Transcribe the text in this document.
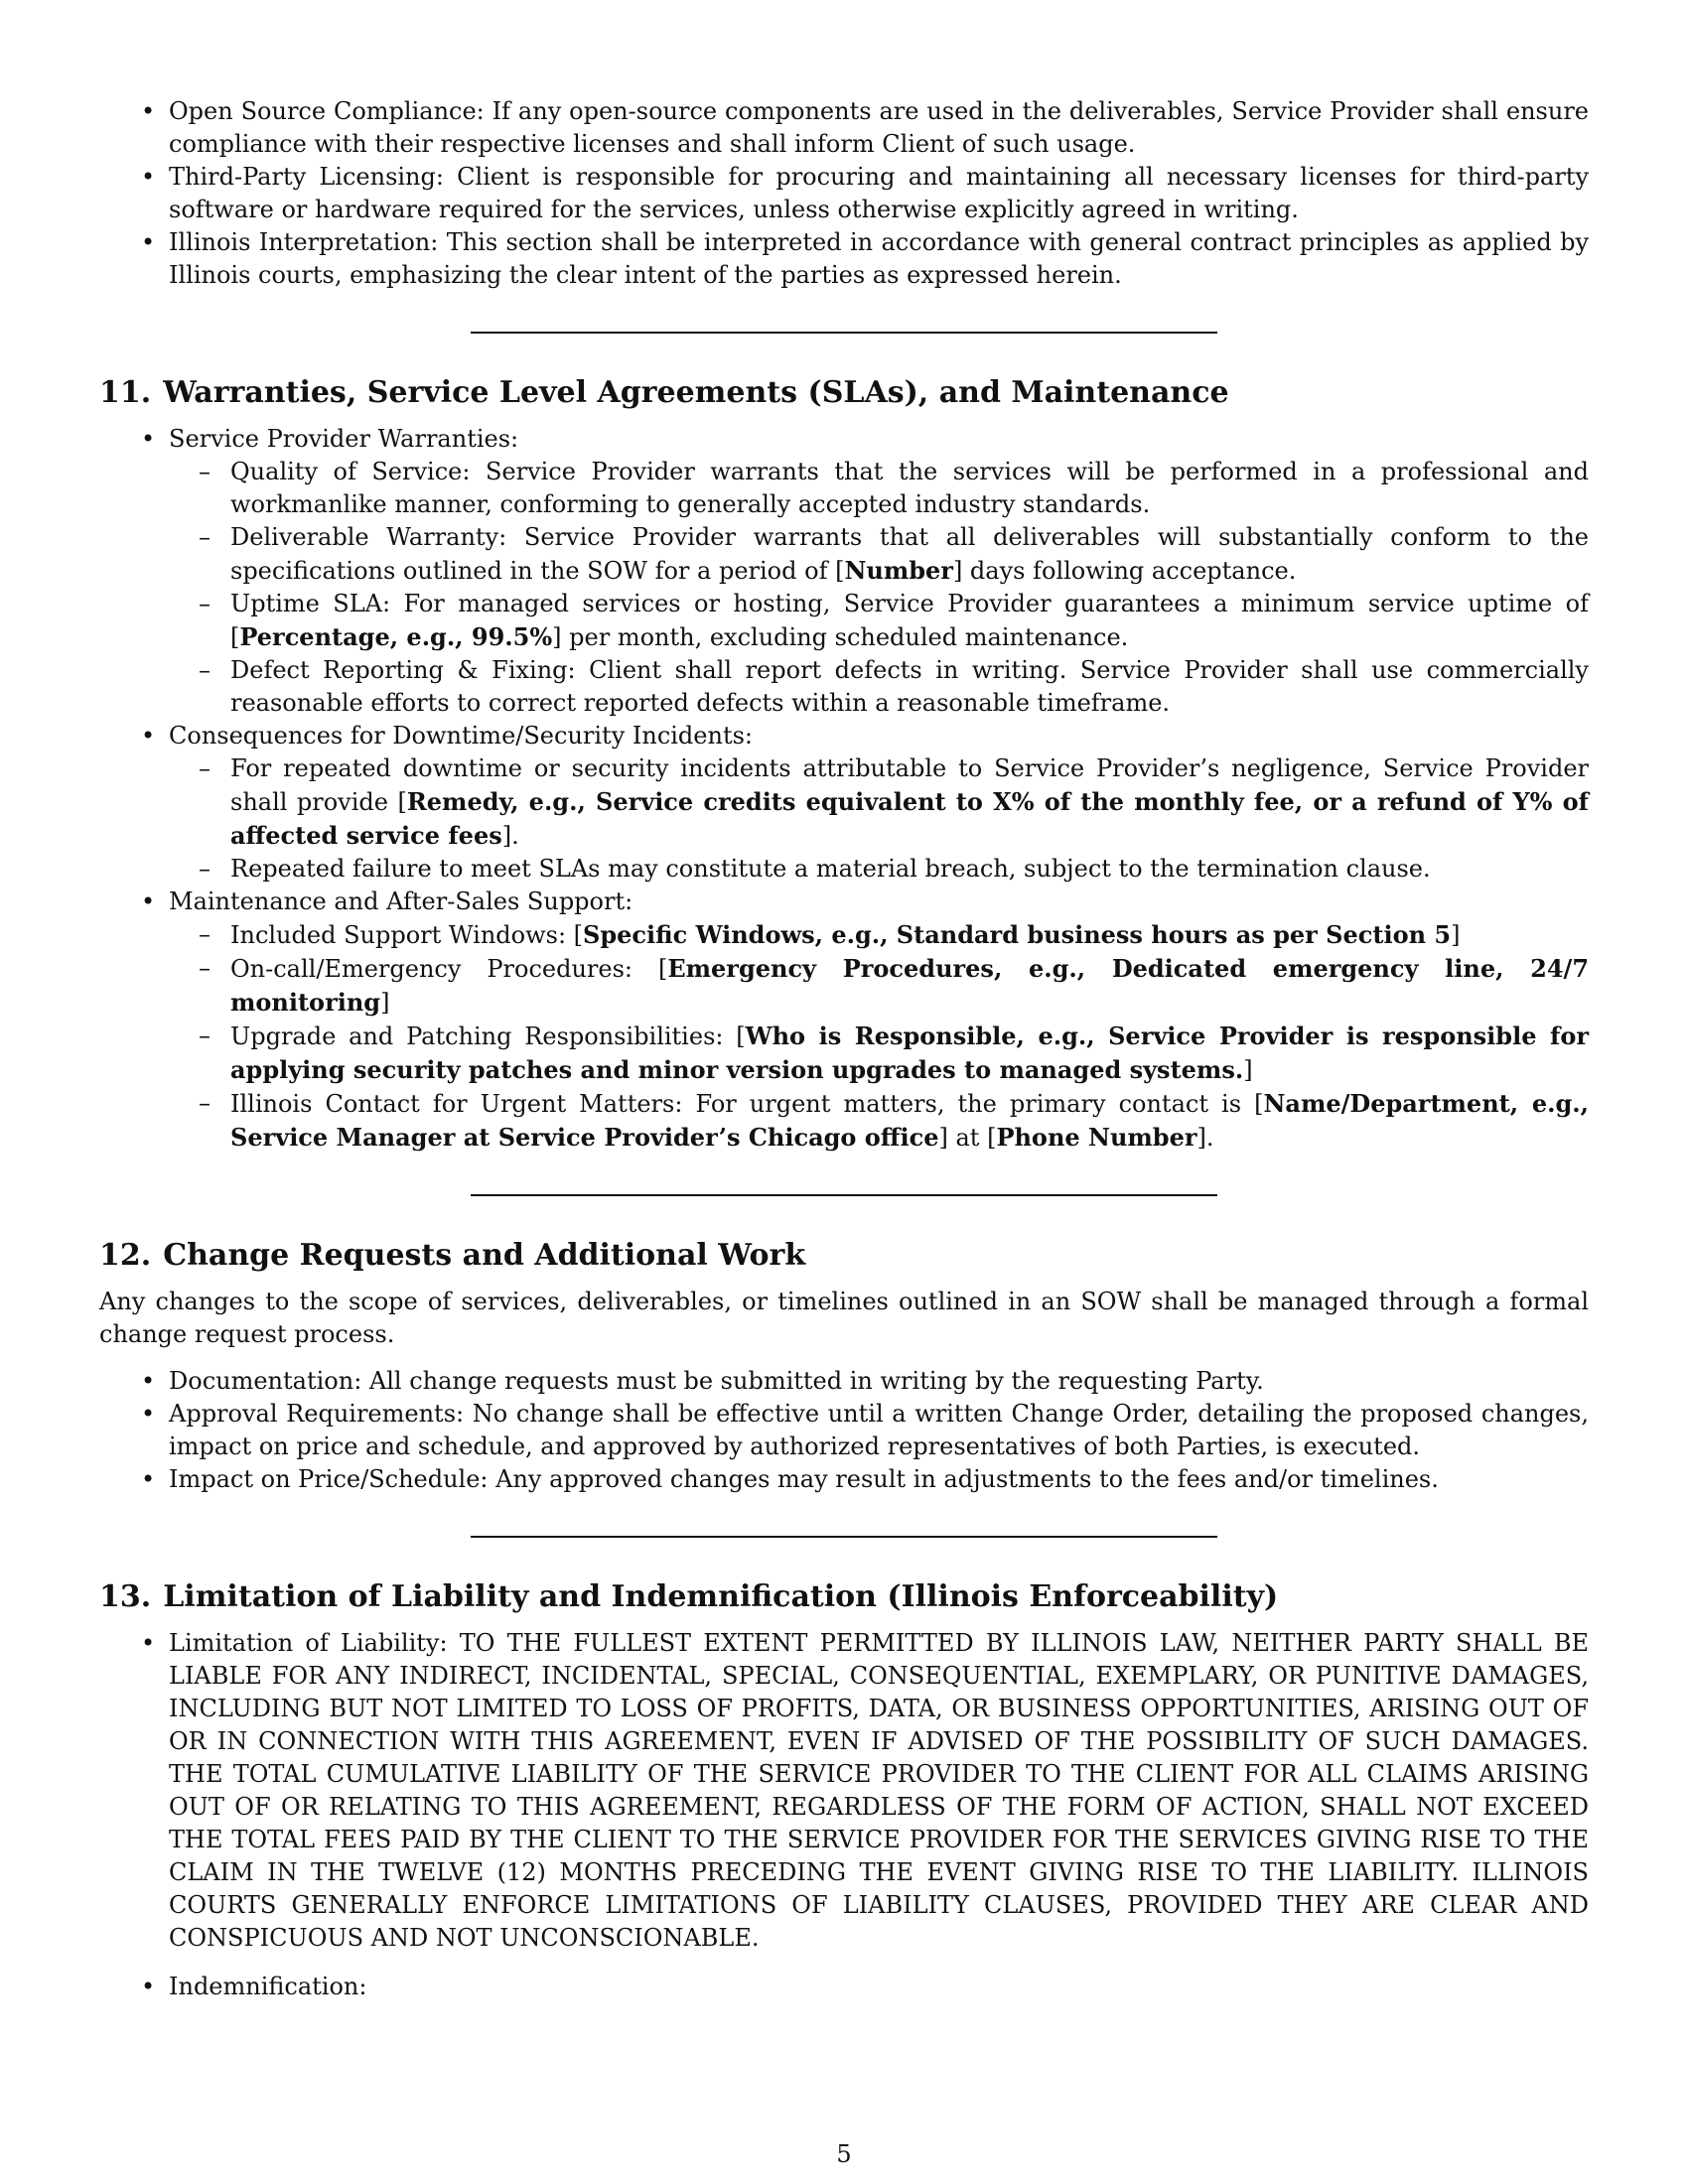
• Open Source Compliance: If any open-source components are used in the deliverables, Service Provider shall ensure compliance with their respective licenses and shall inform Client of such usage.
• Third-Party Licensing: Client is responsible for procuring and maintaining all necessary licenses for third-party software or hardware required for the services, unless otherwise explicitly agreed in writing.
• Illinois Interpretation: This section shall be interpreted in accordance with general contract principles as applied by Illinois courts, emphasizing the clear intent of the parties as expressed herein.
11. Warranties, Service Level Agreements (SLAs), and Maintenance
• Service Provider Warranties:
– Quality of Service: Service Provider warrants that the services will be performed in a professional and workmanlike manner, conforming to generally accepted industry standards.
– Deliverable Warranty: Service Provider warrants that all deliverables will substantially conform to the specifications outlined in the SOW for a period of [Number] days following acceptance.
– Uptime SLA: For managed services or hosting, Service Provider guarantees a minimum service uptime of [Percentage, e.g., 99.5%] per month, excluding scheduled maintenance.
– Defect Reporting & Fixing: Client shall report defects in writing. Service Provider shall use commercially reasonable efforts to correct reported defects within a reasonable timeframe.
• Consequences for Downtime/Security Incidents:
– For repeated downtime or security incidents attributable to Service Provider’s negligence, Service Provider shall provide [Remedy, e.g., Service credits equivalent to X% of the monthly fee, or a refund of Y% of affected service fees].
– Repeated failure to meet SLAs may constitute a material breach, subject to the termination clause.
• Maintenance and After-Sales Support:
– Included Support Windows: [Specific Windows, e.g., Standard business hours as per Section 5]
– On-call/Emergency Procedures: [Emergency Procedures, e.g., Dedicated emergency line, 24/7 monitoring]
– Upgrade and Patching Responsibilities: [Who is Responsible, e.g., Service Provider is responsible for applying security patches and minor version upgrades to managed systems.]
– Illinois Contact for Urgent Matters: For urgent matters, the primary contact is [Name/Department, e.g., Service Manager at Service Provider’s Chicago office] at [Phone Number].
12. Change Requests and Additional Work

Any changes to the scope of services, deliverables, or timelines outlined in an SOW shall be managed through a formal change request process.

• Documentation: All change requests must be submitted in writing by the requesting Party.
• Approval Requirements: No change shall be effective until a written Change Order, detailing the proposed changes, impact on price and schedule, and approved by authorized representatives of both Parties, is executed.
• Impact on Price/Schedule: Any approved changes may result in adjustments to the fees and/or timelines.
13. Limitation of Liability and Indemnification (Illinois Enforceability)
• Limitation of Liability: TO THE FULLEST EXTENT PERMITTED BY ILLINOIS LAW, NEITHER PARTY SHALL BE LIABLE FOR ANY INDIRECT, INCIDENTAL, SPECIAL, CONSEQUENTIAL, EXEMPLARY, OR PUNITIVE DAMAGES, INCLUDING BUT NOT LIMITED TO LOSS OF PROFITS, DATA, OR BUSINESS OPPORTUNITIES, ARISING OUT OF OR IN CONNECTION WITH THIS AGREEMENT, EVEN IF ADVISED OF THE POSSIBILITY OF SUCH DAMAGES. THE TOTAL CUMULATIVE LIABILITY OF THE SERVICE PROVIDER TO THE CLIENT FOR ALL CLAIMS ARISING OUT OF OR RELATING TO THIS AGREEMENT, REGARDLESS OF THE FORM OF ACTION, SHALL NOT EXCEED THE TOTAL FEES PAID BY THE CLIENT TO THE SERVICE PROVIDER FOR THE SERVICES GIVING RISE TO THE CLAIM IN THE TWELVE (12) MONTHS PRECEDING THE EVENT GIVING RISE TO THE LIABILITY. ILLINOIS COURTS GENERALLY ENFORCE LIMITATIONS OF LIABILITY CLAUSES, PROVIDED THEY ARE CLEAR AND CONSPICUOUS AND NOT UNCONSCIONABLE.
• Indemnification:
5
